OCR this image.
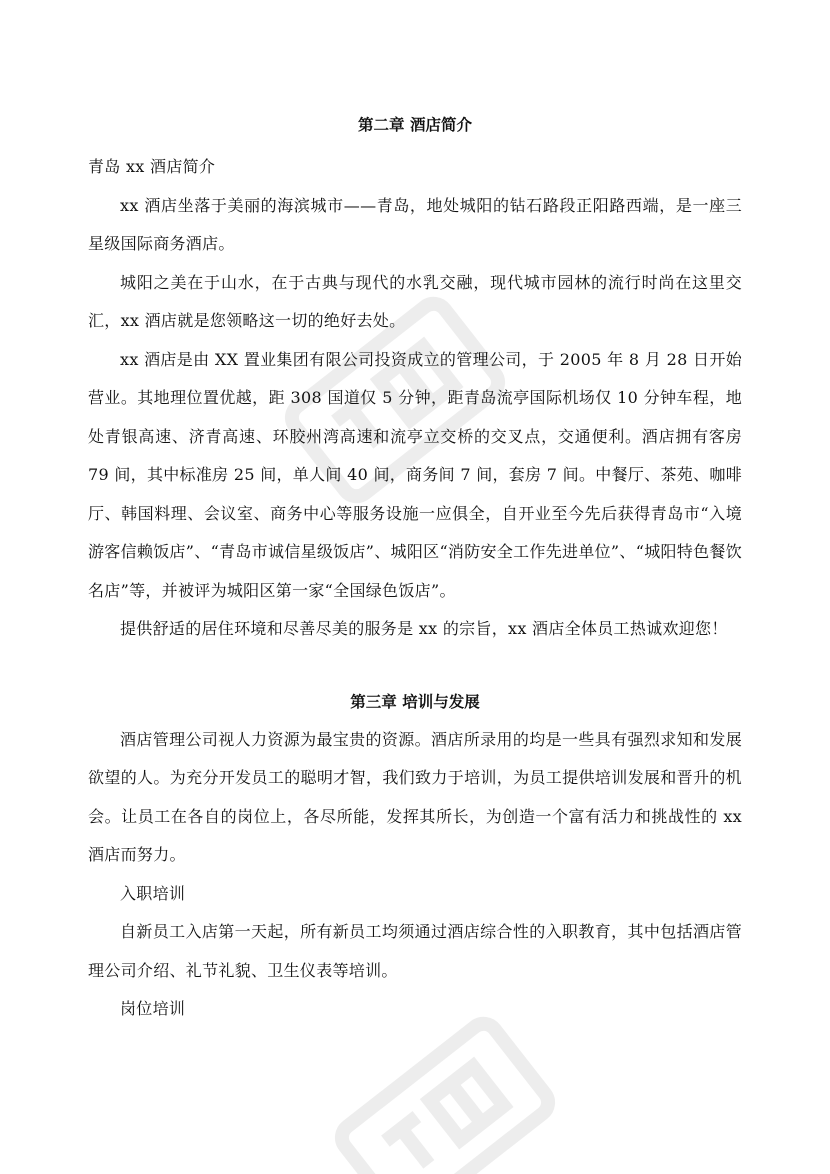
第二章 酒店简介

青岛 xx 酒店简介

xx 酒店坐落于美丽的海滨城市——青岛，地处城阳的钻石路段正阳路西端，是一座三星级国际商务酒店。

城阳之美在于山水，在于古典与现代的水乳交融，现代城市园林的流行时尚在这里交汇，xx 酒店就是您领略这一切的绝好去处。

xx 酒店是由 XX 置业集团有限公司投资成立的管理公司，于 2005 年 8 月 28 日开始营业。其地理位置优越，距 308 国道仅 5 分钟，距青岛流亭国际机场仅 10 分钟车程，地处青银高速、济青高速、环胶州湾高速和流亭立交桥的交叉点，交通便利。酒店拥有客房 79 间，其中标准房 25 间，单人间 40 间，商务间 7 间，套房 7 间。中餐厅、茶苑、咖啡厅、韩国料理、会议室、商务中心等服务设施一应俱全，自开业至今先后获得青岛市“入境游客信赖饭店”、“青岛市诚信星级饭店”、城阳区“消防安全工作先进单位”、“城阳特色餐饮名店”等，并被评为城阳区第一家“全国绿色饭店”。

提供舒适的居住环境和尽善尽美的服务是 xx 的宗旨，xx 酒店全体员工热诚欢迎您！

第三章 培训与发展

酒店管理公司视人力资源为最宝贵的资源。酒店所录用的均是一些具有强烈求知和发展欲望的人。为充分开发员工的聪明才智，我们致力于培训，为员工提供培训发展和晋升的机会。让员工在各自的岗位上，各尽所能，发挥其所长，为创造一个富有活力和挑战性的 xx 酒店而努力。

入职培训

自新员工入店第一天起，所有新员工均须通过酒店综合性的入职教育，其中包括酒店管理公司介绍、礼节礼貌、卫生仪表等培训。

岗位培训
